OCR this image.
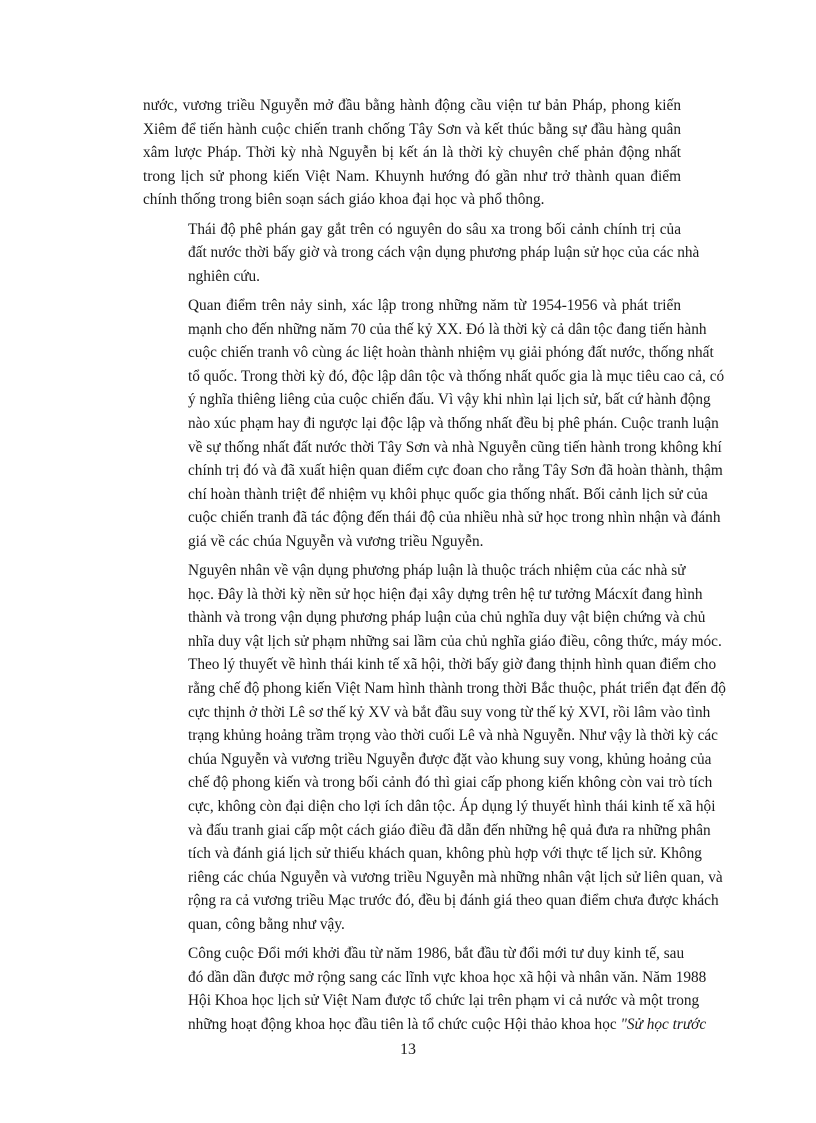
nước, vương triều Nguyễn mở đầu bằng hành động cầu viện tư bản Pháp, phong kiến
Xiêm để tiến hành cuộc chiến tranh chống Tây Sơn và kết thúc bằng sự đầu hàng quân
xâm lược Pháp. Thời kỳ nhà Nguyễn bị kết án là thời kỳ chuyên chế phản động nhất
trong lịch sử phong kiến Việt Nam. Khuynh hướng đó gần như trở thành quan điểm
chính thống trong biên soạn sách giáo khoa đại học và phổ thông.
Thái độ phê phán gay gắt trên có nguyên do sâu xa trong bối cảnh chính trị của
đất nước thời bấy giờ và trong cách vận dụng phương pháp luận sử học của các nhà
nghiên cứu.
Quan điểm trên nảy sinh, xác lập trong những năm từ 1954-1956 và phát triển
mạnh cho đến những năm 70 của thế kỷ XX. Đó là thời kỳ cả dân tộc đang tiến hành
cuộc chiến tranh vô cùng ác liệt hoàn thành nhiệm vụ giải phóng đất nước, thống nhất
tổ quốc. Trong thời kỳ đó, độc lập dân tộc và thống nhất quốc gia là mục tiêu cao cả, có
ý nghĩa thiêng liêng của cuộc chiến đấu. Vì vậy khi nhìn lại lịch sử, bất cứ hành động
nào xúc phạm hay đi ngược lại độc lập và thống nhất đều bị phê phán. Cuộc tranh luận
về sự thống nhất đất nước thời Tây Sơn và nhà Nguyễn cũng tiến hành trong không khí
chính trị đó và đã xuất hiện quan điểm cực đoan cho rằng Tây Sơn đã hoàn thành, thậm
chí hoàn thành triệt để nhiệm vụ khôi phục quốc gia thống nhất. Bối cảnh lịch sử của
cuộc chiến tranh đã tác động đến thái độ của nhiều nhà sử học trong nhìn nhận và đánh
giá về các chúa Nguyễn và vương triều Nguyễn.
Nguyên nhân về vận dụng phương pháp luận là thuộc trách nhiệm của các nhà sử
học. Đây là thời kỳ nền sử học hiện đại xây dựng trên hệ tư tưởng Mácxít đang hình
thành và trong vận dụng phương pháp luận của chủ nghĩa duy vật biện chứng và chủ
nhĩa duy vật lịch sử phạm những sai lầm của chủ nghĩa giáo điều, công thức, máy móc.
Theo lý thuyết về hình thái kinh tế xã hội, thời bấy giờ đang thịnh hình quan điểm cho
rằng chế độ phong kiến Việt Nam hình thành trong thời Bắc thuộc, phát triển đạt đến độ
cực thịnh ở thời Lê sơ thế kỷ XV và bắt đầu suy vong từ thế kỷ XVI, rồi lâm vào tình
trạng khủng hoảng trầm trọng vào thời cuối Lê và nhà Nguyễn. Như vậy là thời kỳ các
chúa Nguyễn và vương triều Nguyễn được đặt vào khung suy vong, khủng hoảng của
chế độ phong kiến và trong bối cảnh đó thì giai cấp phong kiến không còn vai trò tích
cực, không còn đại diện cho lợi ích dân tộc. Áp dụng lý thuyết hình thái kinh tế xã hội
và đấu tranh giai cấp một cách giáo điều đã dẫn đến những hệ quả đưa ra những phân
tích và đánh giá lịch sử thiếu khách quan, không phù hợp với thực tế lịch sử. Không
riêng các chúa Nguyễn và vương triều Nguyễn mà những nhân vật lịch sử liên quan, và
rộng ra cả vương triều Mạc trước đó, đều bị đánh giá theo quan điểm chưa được khách
quan, công bằng như vậy.
Công cuộc Đổi mới khởi đầu từ năm 1986, bắt đầu từ đổi mới tư duy kinh tế, sau
đó dần dần được mở rộng sang các lĩnh vực khoa học xã hội và nhân văn. Năm 1988
Hội Khoa học lịch sử Việt Nam được tổ chức lại trên phạm vi cả nước và một trong
những hoạt động khoa học đầu tiên là tổ chức cuộc Hội thảo khoa học "Sử học trước
13
